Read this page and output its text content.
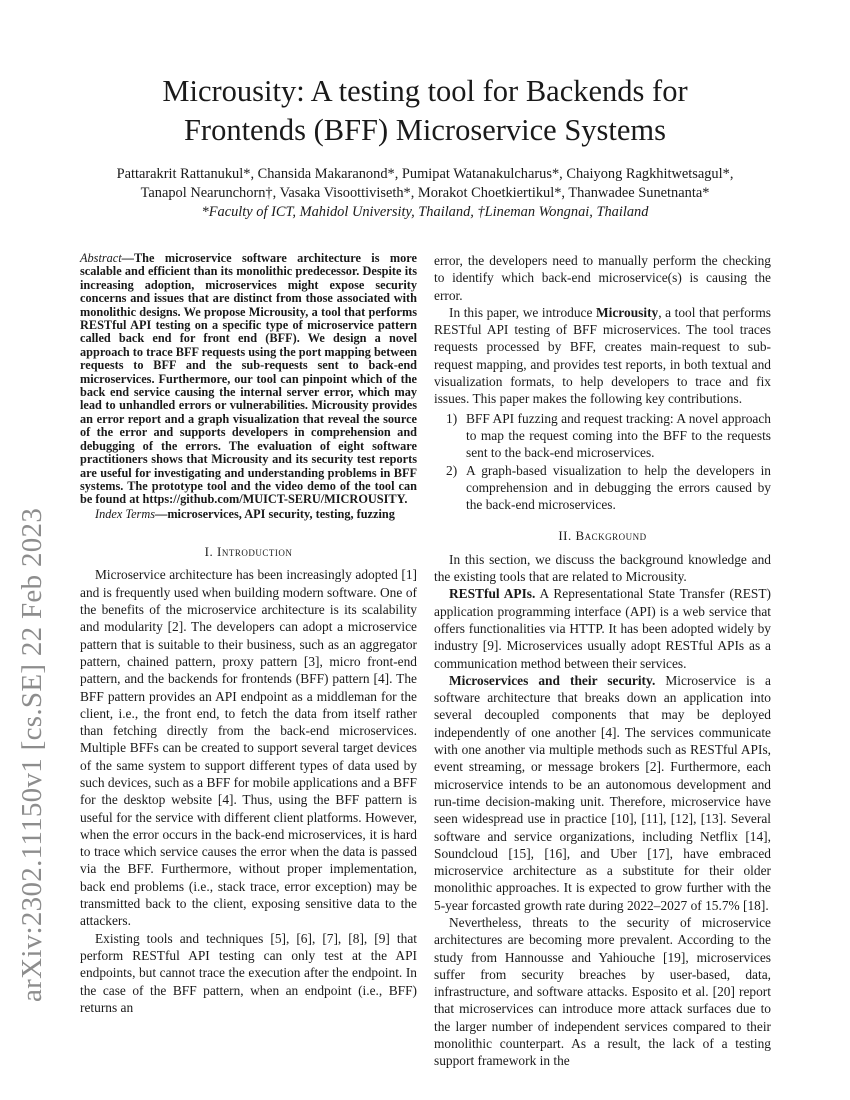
arXiv:2302.11150v1 [cs.SE] 22 Feb 2023
Microusity: A testing tool for Backends for
Frontends (BFF) Microservice Systems
Pattarakrit Rattanukul*, Chansida Makaranond*, Pumipat Watanakulcharus*, Chaiyong Ragkhitwetsagul*,
Tanapol Nearunchorn†, Vasaka Visoottiviseth*, Morakot Choetkiertikul*, Thanwadee Sunetnanta*
*Faculty of ICT, Mahidol University, Thailand, †Lineman Wongnai, Thailand
Abstract—The microservice software architecture is more scalable and efficient than its monolithic predecessor. Despite its increasing adoption, microservices might expose security concerns and issues that are distinct from those associated with monolithic designs. We propose Microusity, a tool that performs RESTful API testing on a specific type of microservice pattern called back end for front end (BFF). We design a novel approach to trace BFF requests using the port mapping between requests to BFF and the sub-requests sent to back-end microservices. Furthermore, our tool can pinpoint which of the back end service causing the internal server error, which may lead to unhandled errors or vulnerabilities. Microusity provides an error report and a graph visualization that reveal the source of the error and supports developers in comprehension and debugging of the errors. The evaluation of eight software practitioners shows that Microusity and its security test reports are useful for investigating and understanding problems in BFF systems. The prototype tool and the video demo of the tool can be found at https://github.com/MUICT-SERU/MICROUSITY.
Index Terms—microservices, API security, testing, fuzzing
I. Introduction

Microservice architecture has been increasingly adopted [1] and is frequently used when building modern software. One of the benefits of the microservice architecture is its scalability and modularity [2]. The developers can adopt a microservice pattern that is suitable to their business, such as an aggregator pattern, chained pattern, proxy pattern [3], micro front-end pattern, and the backends for frontends (BFF) pattern [4]. The BFF pattern provides an API endpoint as a middleman for the client, i.e., the front end, to fetch the data from itself rather than fetching directly from the back-end microservices. Multiple BFFs can be created to support several target devices of the same system to support different types of data used by such devices, such as a BFF for mobile applications and a BFF for the desktop website [4]. Thus, using the BFF pattern is useful for the service with different client platforms. However, when the error occurs in the back-end microservices, it is hard to trace which service causes the error when the data is passed via the BFF. Furthermore, without proper implementation, back end problems (i.e., stack trace, error exception) may be transmitted back to the client, exposing sensitive data to the attackers.

Existing tools and techniques [5], [6], [7], [8], [9] that perform RESTful API testing can only test at the API endpoints, but cannot trace the execution after the endpoint. In the case of the BFF pattern, when an endpoint (i.e., BFF) returns an

error, the developers need to manually perform the checking to identify which back-end microservice(s) is causing the error.

In this paper, we introduce Microusity, a tool that performs RESTful API testing of BFF microservices. The tool traces requests processed by BFF, creates main-request to sub-request mapping, and provides test reports, in both textual and visualization formats, to help developers to trace and fix issues. This paper makes the following key contributions.

1) BFF API fuzzing and request tracking: A novel approach to map the request coming into the BFF to the requests sent to the back-end microservices.
2) A graph-based visualization to help the developers in comprehension and in debugging the errors caused by the back-end microservices.
II. Background

In this section, we discuss the background knowledge and the existing tools that are related to Microusity.

RESTful APIs. A Representational State Transfer (REST) application programming interface (API) is a web service that offers functionalities via HTTP. It has been adopted widely by industry [9]. Microservices usually adopt RESTful APIs as a communication method between their services.

Microservices and their security. Microservice is a software architecture that breaks down an application into several decoupled components that may be deployed independently of one another [4]. The services communicate with one another via multiple methods such as RESTful APIs, event streaming, or message brokers [2]. Furthermore, each microservice intends to be an autonomous development and run-time decision-making unit. Therefore, microservice have seen widespread use in practice [10], [11], [12], [13]. Several software and service organizations, including Netflix [14], Soundcloud [15], [16], and Uber [17], have embraced microservice architecture as a substitute for their older monolithic approaches. It is expected to grow further with the 5-year forcasted growth rate during 2022–2027 of 15.7% [18].

Nevertheless, threats to the security of microservice architectures are becoming more prevalent. According to the study from Hannousse and Yahiouche [19], microservices suffer from security breaches by user-based, data, infrastructure, and software attacks. Esposito et al. [20] report that microservices can introduce more attack surfaces due to the larger number of independent services compared to their monolithic counterpart. As a result, the lack of a testing support framework in the
